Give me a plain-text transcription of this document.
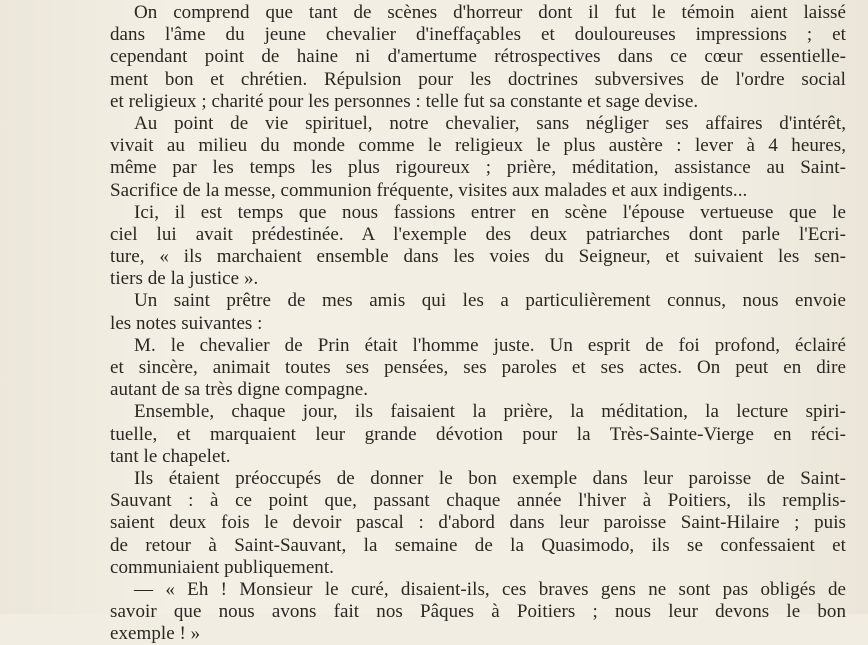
On comprend que tant de scènes d'horreur dont il fut le témoin aient laissé
dans l'âme du jeune chevalier d'ineffaçables et douloureuses impressions ; et
cependant point de haine ni d'amertume rétrospectives dans ce cœur essentielle-
ment bon et chrétien. Répulsion pour les doctrines subversives de l'ordre social
et religieux ; charité pour les personnes : telle fut sa constante et sage devise.
Au point de vie spirituel, notre chevalier, sans négliger ses affaires d'intérêt,
vivait au milieu du monde comme le religieux le plus austère : lever à 4 heures,
même par les temps les plus rigoureux ; prière, méditation, assistance au Saint-
Sacrifice de la messe, communion fréquente, visites aux malades et aux indigents...
Ici, il est temps que nous fassions entrer en scène l'épouse vertueuse que le
ciel lui avait prédestinée. A l'exemple des deux patriarches dont parle l'Ecri-
ture, « ils marchaient ensemble dans les voies du Seigneur, et suivaient les sen-
tiers de la justice ».
Un saint prêtre de mes amis qui les a particulièrement connus, nous envoie
les notes suivantes :
M. le chevalier de Prin était l'homme juste. Un esprit de foi profond, éclairé
et sincère, animait toutes ses pensées, ses paroles et ses actes. On peut en dire
autant de sa très digne compagne.
Ensemble, chaque jour, ils faisaient la prière, la méditation, la lecture spiri-
tuelle, et marquaient leur grande dévotion pour la Très-Sainte-Vierge en réci-
tant le chapelet.
Ils étaient préoccupés de donner le bon exemple dans leur paroisse de Saint-
Sauvant : à ce point que, passant chaque année l'hiver à Poitiers, ils remplis-
saient deux fois le devoir pascal : d'abord dans leur paroisse Saint-Hilaire ; puis
de retour à Saint-Sauvant, la semaine de la Quasimodo, ils se confessaient et
communiaient publiquement.
— « Eh ! Monsieur le curé, disaient-ils, ces braves gens ne sont pas obligés de
savoir que nous avons fait nos Pâques à Poitiers ; nous leur devons le bon
exemple ! »
